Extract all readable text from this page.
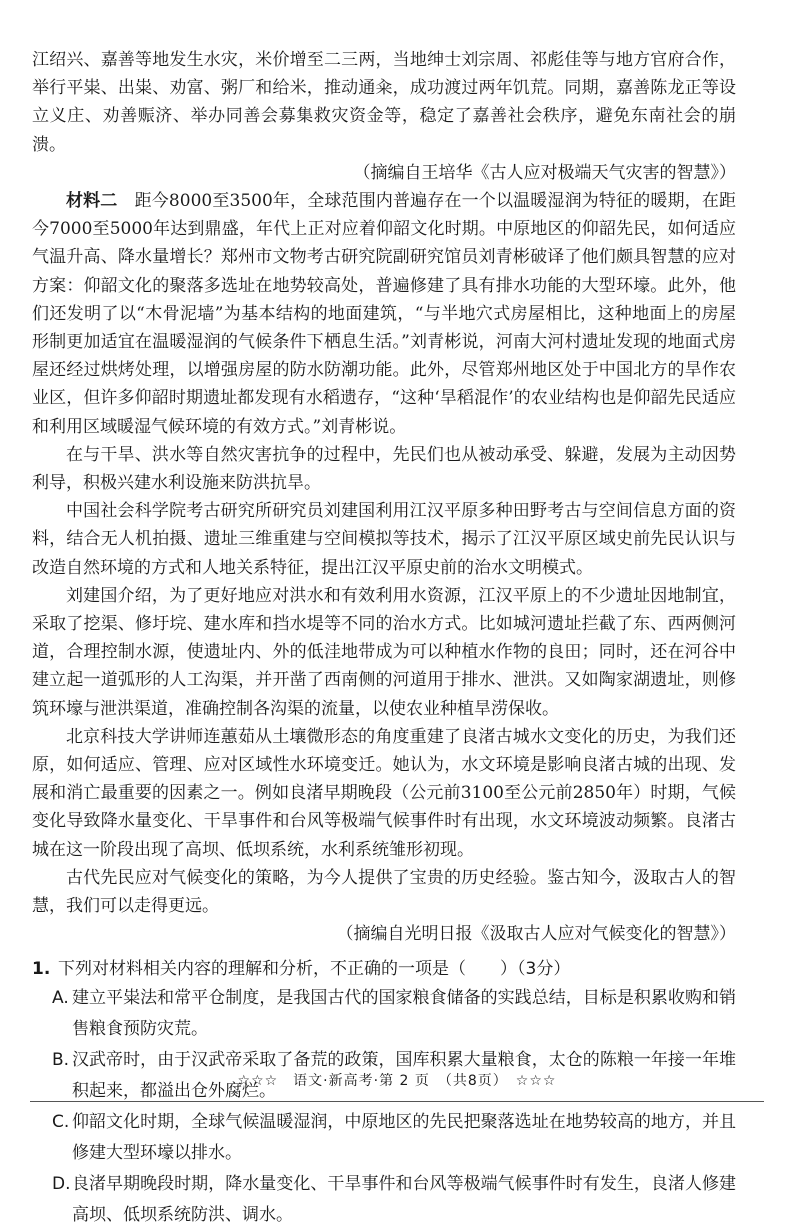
江绍兴、嘉善等地发生水灾，米价增至二三两，当地绅士刘宗周、祁彪佳等与地方官府合作，举行平粜、出粜、劝富、粥厂和给米，推动通籴，成功渡过两年饥荒。同期，嘉善陈龙正等设立义庄、劝善赈济、举办同善会募集救灾资金等，稳定了嘉善社会秩序，避免东南社会的崩溃。

（摘编自王培华《古人应对极端天气灾害的智慧》）

材料二　距今8000至3500年，全球范围内普遍存在一个以温暖湿润为特征的暖期，在距今7000至5000年达到鼎盛，年代上正对应着仰韶文化时期。中原地区的仰韶先民，如何适应气温升高、降水量增长？郑州市文物考古研究院副研究馆员刘青彬破译了他们颇具智慧的应对方案：仰韶文化的聚落多选址在地势较高处，普遍修建了具有排水功能的大型环壕。此外，他们还发明了以“木骨泥墙”为基本结构的地面建筑，“与半地穴式房屋相比，这种地面上的房屋形制更加适宜在温暖湿润的气候条件下栖息生活。”刘青彬说，河南大河村遗址发现的地面式房屋还经过烘烤处理，以增强房屋的防水防潮功能。此外，尽管郑州地区处于中国北方的旱作农业区，但许多仰韶时期遗址都发现有水稻遗存，“这种‘旱稻混作’的农业结构也是仰韶先民适应和利用区域暖湿气候环境的有效方式。”刘青彬说。

在与干旱、洪水等自然灾害抗争的过程中，先民们也从被动承受、躲避，发展为主动因势利导，积极兴建水利设施来防洪抗旱。

中国社会科学院考古研究所研究员刘建国利用江汉平原多种田野考古与空间信息方面的资料，结合无人机拍摄、遗址三维重建与空间模拟等技术，揭示了江汉平原区域史前先民认识与改造自然环境的方式和人地关系特征，提出江汉平原史前的治水文明模式。

刘建国介绍，为了更好地应对洪水和有效利用水资源，江汉平原上的不少遗址因地制宜，采取了挖渠、修圩垸、建水库和挡水堤等不同的治水方式。比如城河遗址拦截了东、西两侧河道，合理控制水源，使遗址内、外的低洼地带成为可以种植水作物的良田；同时，还在河谷中建立起一道弧形的人工沟渠，并开凿了西南侧的河道用于排水、泄洪。又如陶家湖遗址，则修筑环壕与泄洪渠道，准确控制各沟渠的流量，以使农业种植旱涝保收。

北京科技大学讲师连蕙茹从土壤微形态的角度重建了良渚古城水文变化的历史，为我们还原，如何适应、管理、应对区域性水环境变迁。她认为，水文环境是影响良渚古城的出现、发展和消亡最重要的因素之一。例如良渚早期晚段（公元前3100至公元前2850年）时期，气候变化导致降水量变化、干旱事件和台风等极端气候事件时有出现，水文环境波动频繁。良渚古城在这一阶段出现了高坝、低坝系统，水利系统雏形初现。

古代先民应对气候变化的策略，为今人提供了宝贵的历史经验。鉴古知今，汲取古人的智慧，我们可以走得更远。

（摘编自光明日报《汲取古人应对气候变化的智慧》）

1. 下列对材料相关内容的理解和分析，不正确的一项是（　　）（3分）
A. 建立平粜法和常平仓制度，是我国古代的国家粮食储备的实践总结，目标是积累收购和销售粮食预防灾荒。
B. 汉武帝时，由于汉武帝采取了备荒的政策，国库积累大量粮食，太仓的陈粮一年接一年堆积起来，都溢出仓外腐烂。
C. 仰韶文化时期，全球气候温暖湿润，中原地区的先民把聚落选址在地势较高的地方，并且修建大型环壕以排水。
D. 良渚早期晚段时期，降水量变化、干旱事件和台风等极端气候事件时有发生，良渚人修建高坝、低坝系统防洪、调水。
☆☆☆　语文·新高考·第 2 页　（共8页）　☆☆☆
